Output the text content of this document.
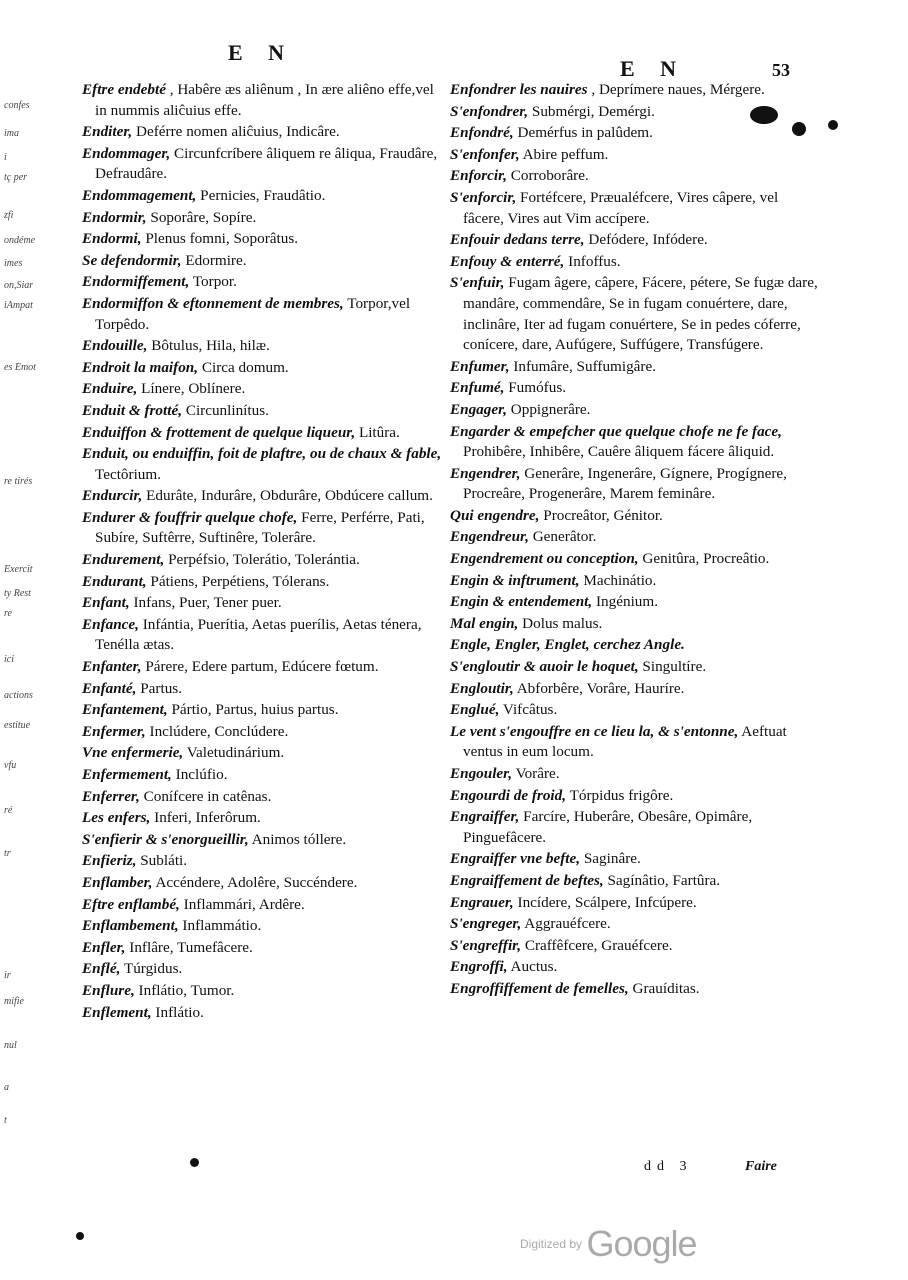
confes
ima
i
tç per
zfi
ondéme
imes
on,Siar
iAmpat
es Émot
re tirés
Exercit
ty Rest
re
ici
actions
estitue
vfu
ré
tr
ir
mifie
nul
a
t
E N
E N	53
Eftre endebté , Habêre æs aliênum , In ære aliêno effe,vel in nummis aliĉuius effe.
Enditer, Deférre nomen aliĉuius, Indicâre.
Endommager, Circunfcríbere âliquem re âliqua, Fraudâre, Defraudâre.
Endommagement, Pernicies, Fraudâtio.
Endormir, Soporâre, Sopíre.
Endormi, Plenus fomni, Soporâtus.
Se defendormir, Edormire.
Endormiffement, Torpor.
Endormiffon & eftonnement de membres, Torpor,vel Torpêdo.
Endouille, Bôtulus, Hila, hilæ.
Endroit la maifon, Circa domum.
Enduire, Línere, Oblínere.
Enduit & frotté, Circunlinítus.
Enduiffon & frottement de quelque liqueur, Litûra.
Enduit, ou enduiffin, foit de plaftre, ou de chaux & fable, Tectôrium.
Endurcir, Edurâte, Indurâre, Obdurâre, Obdúcere callum.
Endurer & fouffrir quelque chofe, Ferre, Perférre, Pati, Subíre, Suftêrre, Suftinêre, Tolerâre.
Endurement, Perpéfsio, Tolerátio, Tolerántia.
Endurant, Pátiens, Perpétiens, Tólerans.
Enfant, Infans, Puer, Tener puer.
Enfance, Infántia, Puerítia, Aetas puerílis, Aetas ténera, Tenélla ætas.
Enfanter, Párere, Edere partum, Edúcere fœtum.
Enfanté, Partus.
Enfantement, Pártio, Partus, huius partus.
Enfermer, Inclúdere, Conclúdere.
Vne enfermerie, Valetudinárium.
Enfermement, Inclúfio.
Enferrer, Conífcere in catênas.
Les enfers, Inferi, Inferôrum.
S'enfierir & s'enorgueillir, Animos tóllere.
Enfieriz, Subláti.
Enflamber, Accéndere, Adolêre, Succéndere.
Eftre enflambé, Inflammári, Ardêre.
Enflambement, Inflammátio.
Enfler, Inflâre, Tumefâcere.
Enflé, Túrgidus.
Enflure, Inflátio, Tumor.
Enflement, Inflátio.
Enfondrer les nauires , Deprímere naues, Mérgere.
S'enfondrer, Submérgi, Demérgi.
Enfondré, Demérfus in palûdem.
S'enfonfer, Abire peffum.
Enforcir, Corroborâre.
S'enforcir, Fortéfcere, Præualéfcere, Vires câpere, vel fâcere, Vires aut Vim accípere.
Enfouir dedans terre, Defódere, Infódere.
Enfouy & enterré, Infoffus.
S'enfuir, Fugam âgere, câpere, Fácere, pétere, Se fugæ dare, mandâre, commendâre, Se in fugam conuértere, dare, inclinâre, Iter ad fugam conuértere, Se in pedes cóferre, conícere, dare, Aufúgere, Suffúgere, Transfúgere.
Enfumer, Infumâre, Suffumigâre.
Enfumé, Fumófus.
Engager, Oppignerâre.
Engarder & empefcher que quelque chofe ne fe face, Prohibêre, Inhibêre, Cauêre âliquem fácere âliquid.
Engendrer, Generâre, Ingenerâre, Gígnere, Progígnere, Procreâre, Progenerâre, Marem feminâre.
Qui engendre, Procreâtor, Génitor.
Engendreur, Generâtor.
Engendrement ou conception, Genitûra, Procreâtio.
Engin & inftrument, Machinátio.
Engin & entendement, Ingénium.
Mal engin, Dolus malus.
Engle, Engler, Englet, cerchez Angle.
S'engloutir & auoir le hoquet, Singultíre.
Engloutir, Abforbêre, Vorâre, Hauríre.
Englué, Vifcâtus.
Le vent s'engouffre en ce lieu la, & s'entonne, Aeftuat ventus in eum locum.
Engouler, Vorâre.
Engourdi de froid, Tórpidus frigôre.
Engraiffer, Farcíre, Huberâre, Obesâre, Opimâre, Pinguefâcere.
Engraiffer vne befte, Saginâre.
Engraiffement de beftes, Sagínâtio, Fartûra.
Engrauer, Incídere, Scálpere, Infcúpere.
S'engreger, Aggrauéfcere.
S'engreffir, Craffêfcere, Grauéfcere.
Engroffi, Auctus.
Engroffiffement de femelles, Grauíditas.
dd 3	Faire
Digitized by Google
